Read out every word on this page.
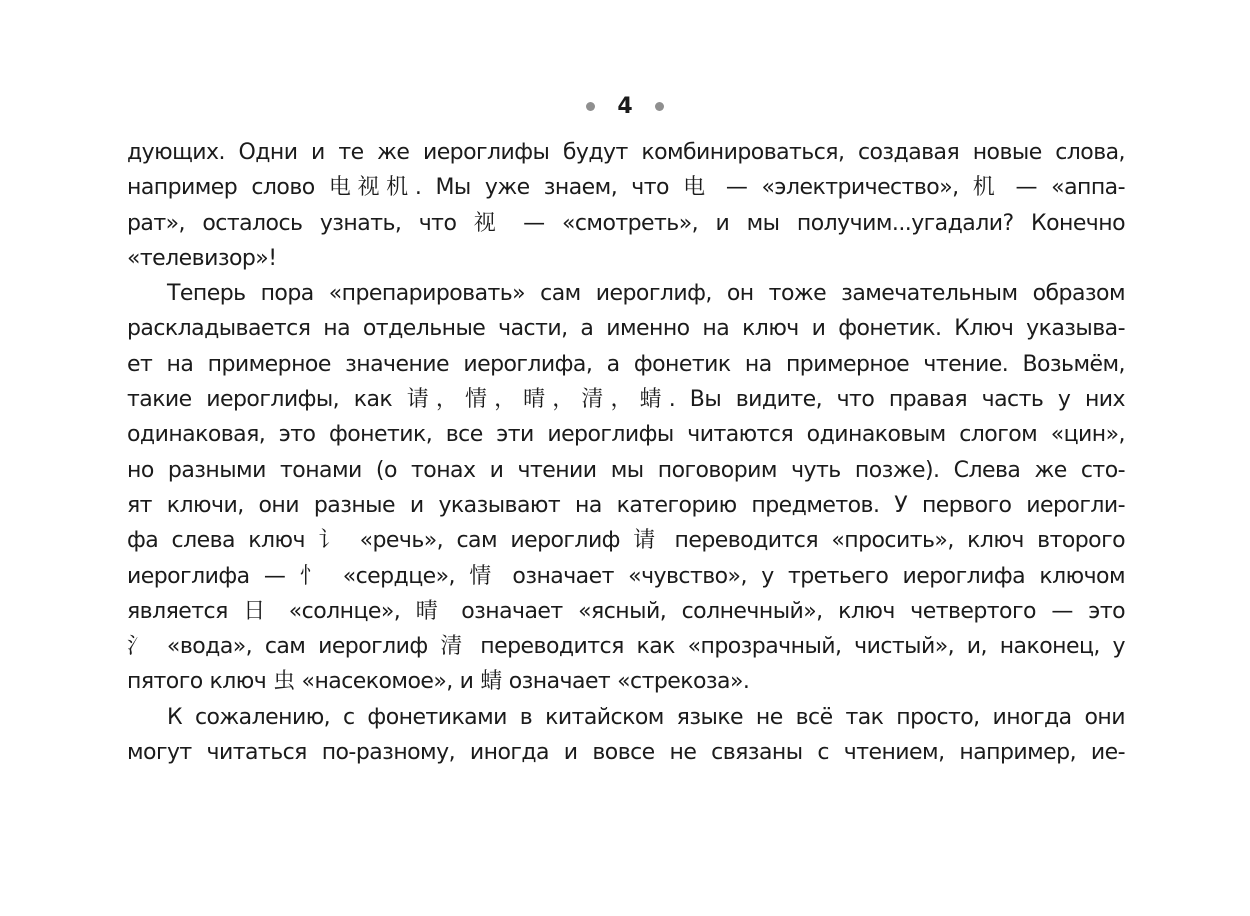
4
дующих. Одни и те же иероглифы будут комбинироваться, создавая новые слова,
например слово 电视机. Мы уже знаем, что 电 — «электричество», 机 — «аппа-
рат», осталось узнать, что 视 — «смотреть», и мы получим...угадали? Конечно
«телевизор»!
Теперь пора «препарировать» сам иероглиф, он тоже замечательным образом
раскладывается на отдельные части, а именно на ключ и фонетик. Ключ указыва-
ет на примерное значение иероглифа, а фонетик на примерное чтение. Возьмём,
такие иероглифы, как 请，情，晴，清，蜻. Вы видите, что правая часть у них
одинаковая, это фонетик, все эти иероглифы читаются одинаковым слогом «цин»,
но разными тонами (о тонах и чтении мы поговорим чуть позже). Слева же сто-
ят ключи, они разные и указывают на категорию предметов. У первого иерогли-
фа слева ключ 讠 «речь», сам иероглиф 请 переводится «просить», ключ второго
иероглифа — 忄 «сердце», 情 означает «чувство», у третьего иероглифа ключом
является 日 «солнце», 晴 означает «ясный, солнечный», ключ четвертого — это
氵 «вода», сам иероглиф 清 переводится как «прозрачный, чистый», и, наконец, у
пятого ключ 虫 «насекомое», и 蜻 означает «стрекоза».
К сожалению, с фонетиками в китайском языке не всё так просто, иногда они
могут читаться по-разному, иногда и вовсе не связаны с чтением, например, ие-
